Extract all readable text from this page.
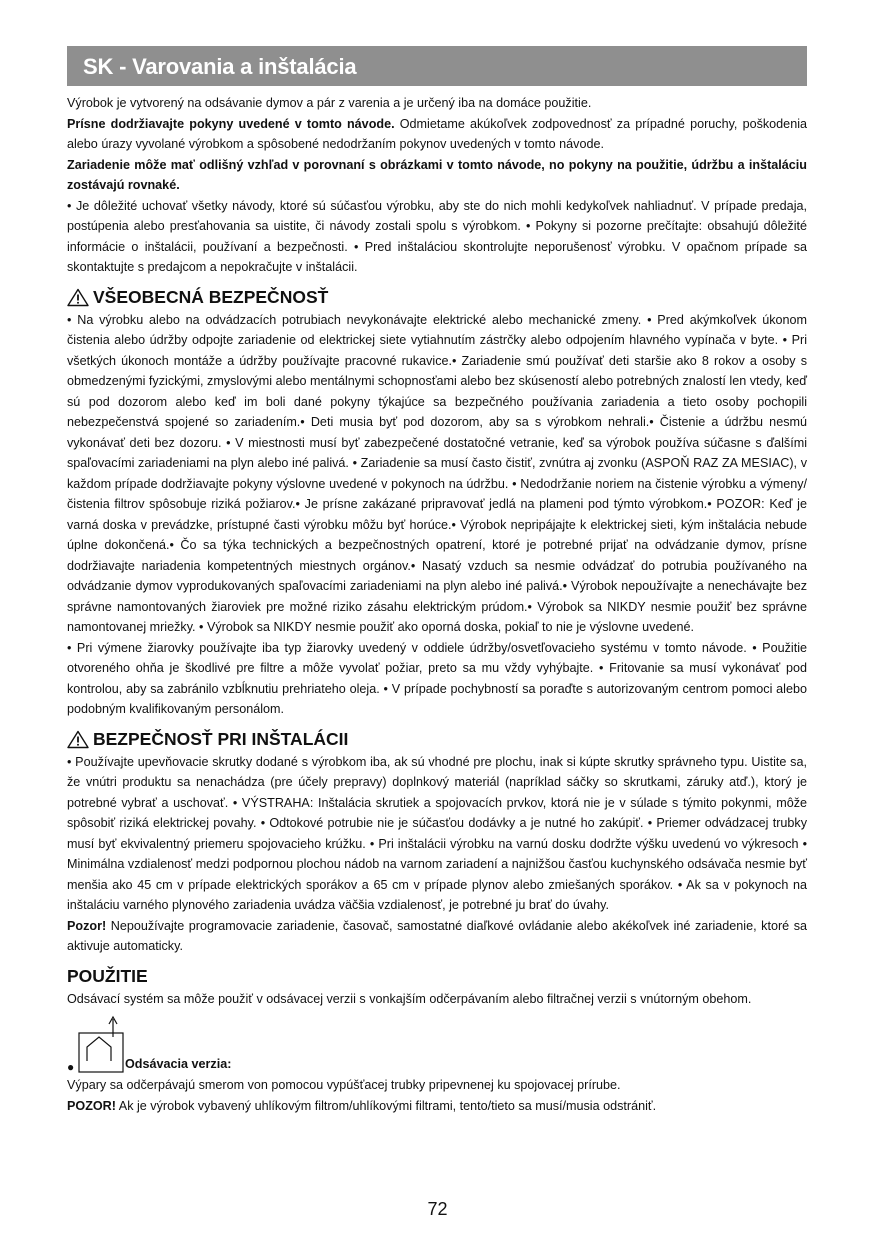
SK - Varovania a inštalácia

Výrobok je vytvorený na odsávanie dymov a pár z varenia a je určený iba na domáce použitie.

Prísne dodržiavajte pokyny uvedené v tomto návode. Odmietame akúkoľvek zodpovednosť za prípadné poruchy, poškodenia alebo úrazy vyvolané výrobkom a spôsobené nedodržaním pokynov uvedených v tomto návode.

Zariadenie môže mať odlišný vzhľad v porovnaní s obrázkami v tomto návode, no pokyny na použitie, údržbu a inštaláciu zostávajú rovnaké.

• Je dôležité uchovať všetky návody, ktoré sú súčasťou výrobku, aby ste do nich mohli kedykoľvek nahliadnuť. V prípade predaja, postúpenia alebo presťahovania sa uistite, či návody zostali spolu s výrobkom. • Pokyny si pozorne prečítajte: obsahujú dôležité informácie o inštalácii, používaní a bezpečnosti. • Pred inštaláciou skontrolujte neporušenosť výrobku. V opačnom prípade sa skontaktujte s predajcom a nepokračujte v inštalácii.

VŠEOBECNÁ BEZPEČNOSŤ

• Na výrobku alebo na odvádzacích potrubiach nevykonávajte elektrické alebo mechanické zmeny. • Pred akýmkoľvek úkonom čistenia alebo údržby odpojte zariadenie od elektrickej siete vytiahnutím zástrčky alebo odpojením hlavného vypínača v byte. • Pri všetkých úkonoch montáže a údržby používajte pracovné rukavice.• Zariadenie smú používať deti staršie ako 8 rokov a osoby s obmedzenými fyzickými, zmyslovými alebo mentálnymi schopnosťami alebo bez skúseností alebo potrebných znalostí len vtedy, keď sú pod dozorom alebo keď im boli dané pokyny týkajúce sa bezpečného používania zariadenia a tieto osoby pochopili nebezpečenstvá spojené so zariadením.• Deti musia byť pod dozorom, aby sa s výrobkom nehrali.• Čistenie a údržbu nesmú vykonávať deti bez dozoru. • V miestnosti musí byť zabezpečené dostatočné vetranie, keď sa výrobok používa súčasne s ďalšími spaľovacími zariadeniami na plyn alebo iné palivá. • Zariadenie sa musí často čistiť, zvnútra aj zvonku (ASPOŇ RAZ ZA MESIAC), v každom prípade dodržiavajte pokyny výslovne uvedené v pokynoch na údržbu. • Nedodržanie noriem na čistenie výrobku a výmeny/čistenia filtrov spôsobuje riziká požiarov.• Je prísne zakázané pripravovať jedlá na plameni pod týmto výrobkom.• POZOR: Keď je varná doska v prevádzke, prístupné časti výrobku môžu byť horúce.• Výrobok nepripájajte k elektrickej sieti, kým inštalácia nebude úplne dokončená.• Čo sa týka technických a bezpečnostných opatrení, ktoré je potrebné prijať na odvádzanie dymov, prísne dodržiavajte nariadenia kompetentných miestnych orgánov.• Nasatý vzduch sa nesmie odvádzať do potrubia používaného na odvádzanie dymov vyprodukovaných spaľovacími zariadeniami na plyn alebo iné palivá.• Výrobok nepoužívajte a nenechávajte bez správne namontovaných žiaroviek pre možné riziko zásahu elektrickým prúdom.• Výrobok sa NIKDY nesmie použiť bez správne namontovanej mriežky. • Výrobok sa NIKDY nesmie použiť ako oporná doska, pokiaľ to nie je výslovne uvedené.

• Pri výmene žiarovky používajte iba typ žiarovky uvedený v oddiele údržby/osvetľovacieho systému v tomto návode. • Použitie otvoreného ohňa je škodlivé pre filtre a môže vyvolať požiar, preto sa mu vždy vyhýbajte. • Fritovanie sa musí vykonávať pod kontrolou, aby sa zabránilo vzbĺknutiu prehriateho oleja. • V prípade pochybností sa poraďte s autorizovaným centrom pomoci alebo podobným kvalifikovaným personálom.

BEZPEČNOSŤ PRI INŠTALÁCII

• Používajte upevňovacie skrutky dodané s výrobkom iba, ak sú vhodné pre plochu, inak si kúpte skrutky správneho typu. Uistite sa, že vnútri produktu sa nenachádza (pre účely prepravy) doplnkový materiál (napríklad sáčky so skrutkami, záruky atď.), ktorý je potrebné vybrať a uschovať. • VÝSTRAHA: Inštalácia skrutiek a spojovacích prvkov, ktorá nie je v súlade s týmito pokynmi, môže spôsobiť riziká elektrickej povahy. • Odtokové potrubie nie je súčasťou dodávky a je nutné ho zakúpiť. • Priemer odvádzacej trubky musí byť ekvivalentný priemeru spojovacieho krúžku. • Pri inštalácii výrobku na varnú dosku dodržte výšku uvedenú vo výkresoch • Minimálna vzdialenosť medzi podpornou plochou nádob na varnom zariadení a najnižšou časťou kuchynského odsávača nesmie byť menšia ako 45 cm v prípade elektrických sporákov a 65 cm v prípade plynov alebo zmiešaných sporákov. • Ak sa v pokynoch na inštaláciu varného plynového zariadenia uvádza väčšia vzdialenosť, je potrebné ju brať do úvahy.

Pozor! Nepoužívajte programovacie zariadenie, časovač, samostatné diaľkové ovládanie alebo akékoľvek iné zariadenie, ktoré sa aktivuje automaticky.

POUŽITIE

Odsávací systém sa môže použiť v odsávacej verzii s vonkajším odčerpávaním alebo filtračnej verzii s vnútorným obehom.

●	Odsávacia verzia:

Výpary sa odčerpávajú smerom von pomocou vypúšťacej trubky pripevnenej ku spojovacej prírube.

POZOR! Ak je výrobok vybavený uhlíkovým filtrom/uhlíkovými filtrami, tento/tieto sa musí/musia odstrániť.

72
